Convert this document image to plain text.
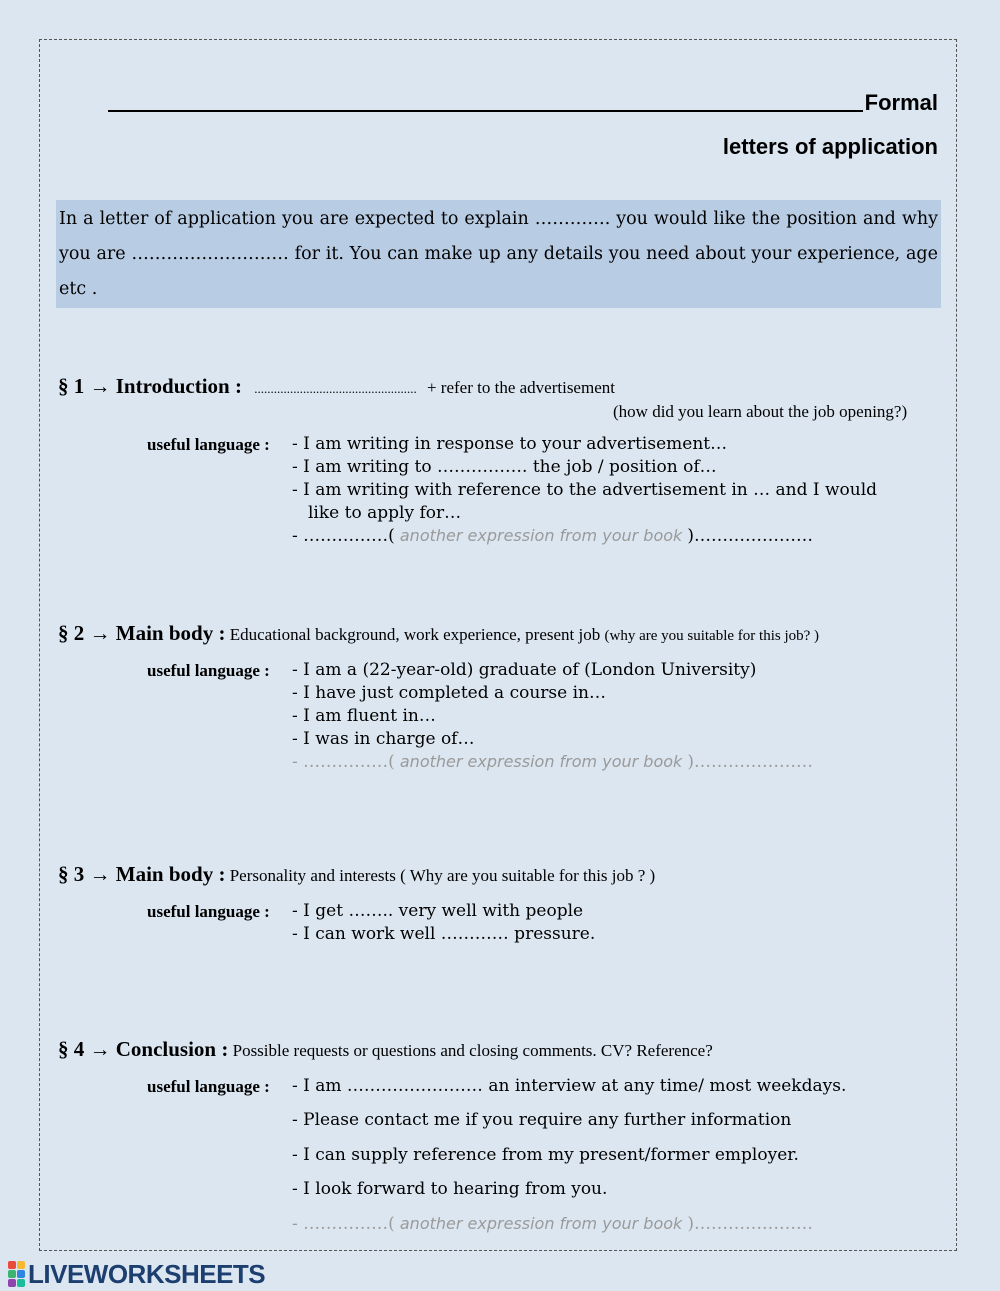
Formal
letters of application
In a letter of application you are expected to explain …………. you would like the position and why you are ……………………… for it. You can make up any details you need about your experience, age etc .
§ 1 → Introduction : .................................................. + refer to the advertisement
(how did you learn about the job opening?)
useful language : - I am writing in response to your advertisement…
- I am writing to ……………. the job / position of…
- I am writing with reference to the advertisement in … and I would
like to apply for…
- ……………( another expression from your book )…………………
§ 2 → Main body : Educational background, work experience, present job (why are you suitable for this job? )
useful language : - I am a (22-year-old) graduate of (London University)
- I have just completed a course in…
- I am fluent in…
- I was in charge of…
- ……………( another expression from your book )…………………
§ 3 → Main body : Personality and interests ( Why are you suitable for this job ? )
useful language : - I get …….. very well with people
- I can work well ………… pressure.
§ 4 → Conclusion : Possible requests or questions and closing comments. CV? Reference?
useful language : - I am …………………… an interview at any time/ most weekdays.
- Please contact me if you require any further information
- I can supply reference from my present/former employer.
- I look forward to hearing from you.
- ……………( another expression from your book )…………………
LIVEWORKSHEETS
